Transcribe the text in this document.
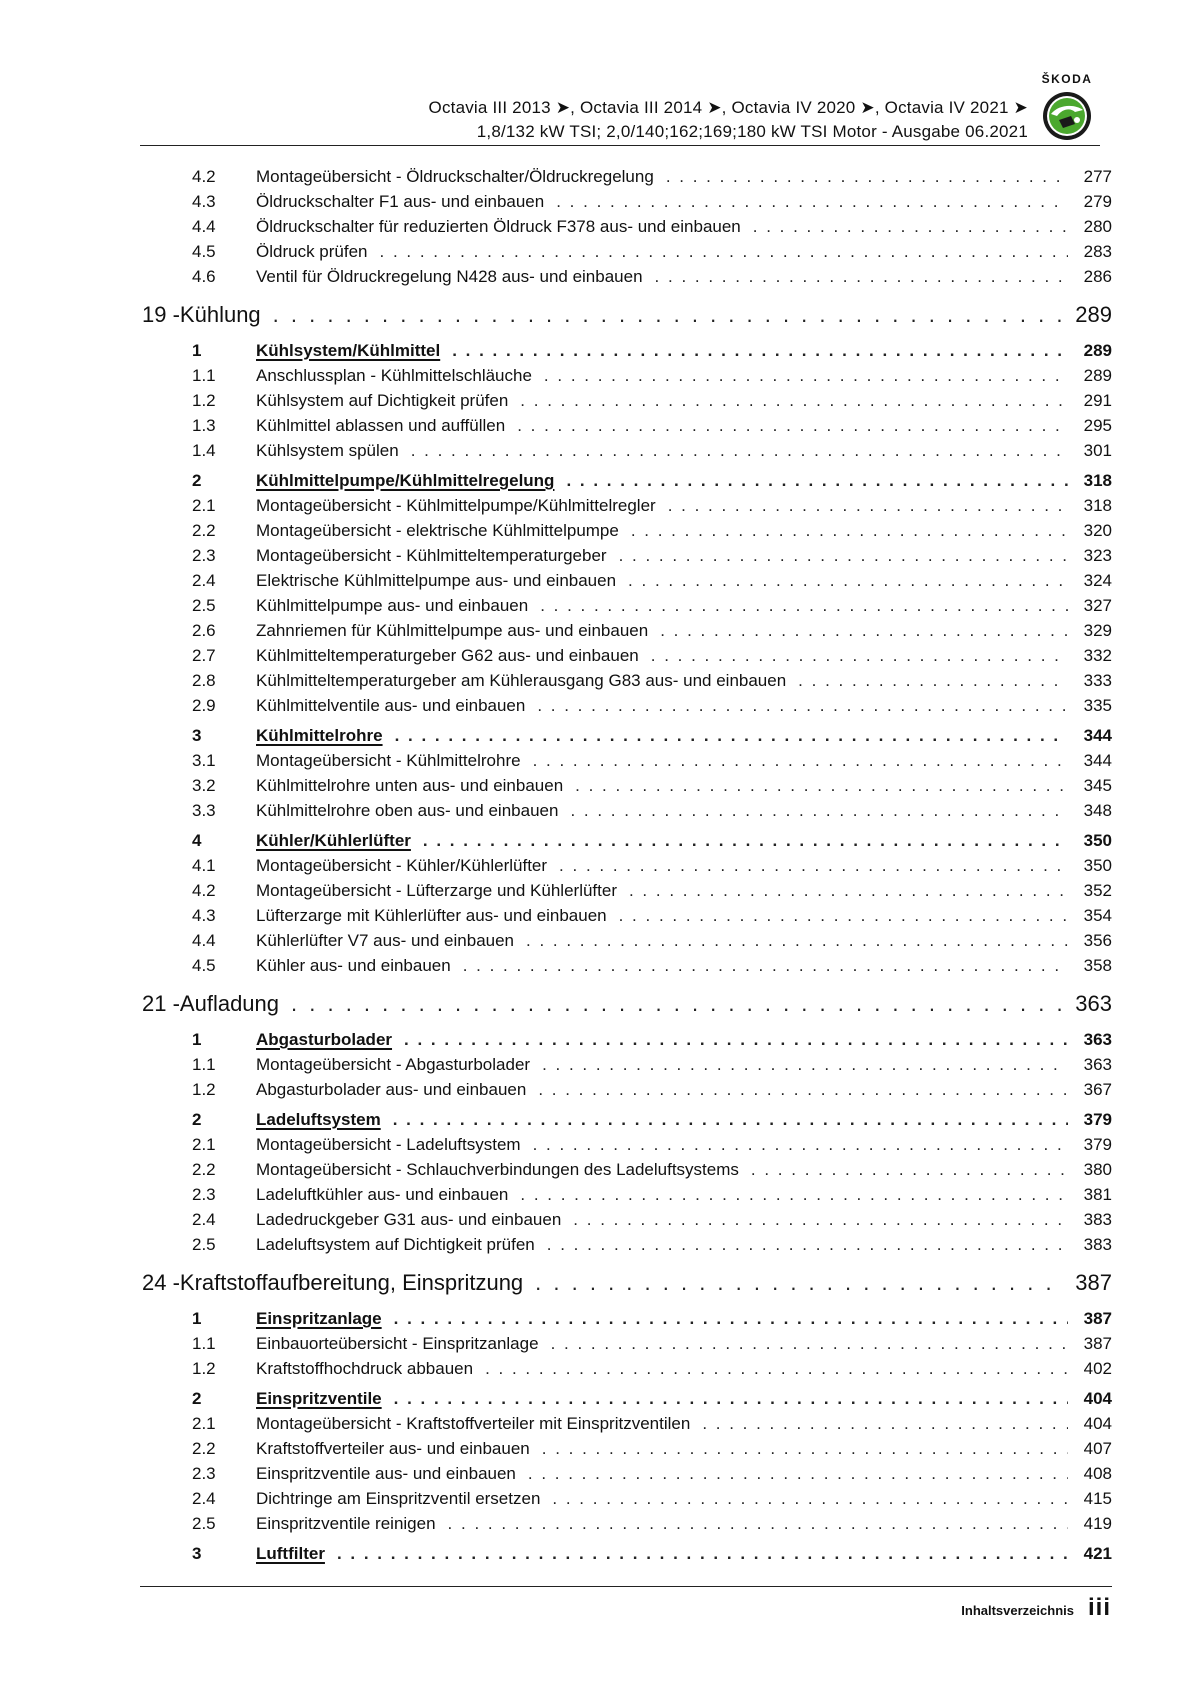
Octavia III 2013 ➤, Octavia III 2014 ➤, Octavia IV 2020 ➤, Octavia IV 2021 ➤
1,8/132 kW TSI; 2,0/140;162;169;180 kW TSI Motor - Ausgabe 06.2021
ŠKODA
4.2	Montageübersicht - Öldruckschalter/Öldruckregelung . . .	277
4.3	Öldruckschalter F1 aus- und einbauen . . .	279
4.4	Öldruckschalter für reduzierten Öldruck F378 aus- und einbauen . . .	280
4.5	Öldruck prüfen . . .	283
4.6	Ventil für Öldruckregelung N428 aus- und einbauen . . .	286
19 - Kühlung . . .	289
1	Kühlsystem/Kühlmittel . . .	289
1.1	Anschlussplan - Kühlmittelschläuche . . .	289
1.2	Kühlsystem auf Dichtigkeit prüfen . . .	291
1.3	Kühlmittel ablassen und auffüllen . . .	295
1.4	Kühlsystem spülen . . .	301
2	Kühlmittelpumpe/Kühlmittelregelung . . .	318
2.1	Montageübersicht - Kühlmittelpumpe/Kühlmittelregler . . .	318
2.2	Montageübersicht - elektrische Kühlmittelpumpe . . .	320
2.3	Montageübersicht - Kühlmitteltemperaturgeber . . .	323
2.4	Elektrische Kühlmittelpumpe aus- und einbauen . . .	324
2.5	Kühlmittelpumpe aus- und einbauen . . .	327
2.6	Zahnriemen für Kühlmittelpumpe aus- und einbauen . . .	329
2.7	Kühlmitteltemperaturgeber G62 aus- und einbauen . . .	332
2.8	Kühlmitteltemperaturgeber am Kühlerausgang G83 aus- und einbauen . . .	333
2.9	Kühlmittelventile aus- und einbauen . . .	335
3	Kühlmittelrohre . . .	344
3.1	Montageübersicht - Kühlmittelrohre . . .	344
3.2	Kühlmittelrohre unten aus- und einbauen . . .	345
3.3	Kühlmittelrohre oben aus- und einbauen . . .	348
4	Kühler/Kühlerlüfter . . .	350
4.1	Montageübersicht - Kühler/Kühlerlüfter . . .	350
4.2	Montageübersicht - Lüfterzarge und Kühlerlüfter . . .	352
4.3	Lüfterzarge mit Kühlerlüfter aus- und einbauen . . .	354
4.4	Kühlerlüfter V7 aus- und einbauen . . .	356
4.5	Kühler aus- und einbauen . . .	358
21 - Aufladung . . .	363
1	Abgasturbolader . . .	363
1.1	Montageübersicht - Abgasturbolader . . .	363
1.2	Abgasturbolader aus- und einbauen . . .	367
2	Ladeluftsystem . . .	379
2.1	Montageübersicht - Ladeluftsystem . . .	379
2.2	Montageübersicht - Schlauchverbindungen des Ladeluftsystems . . .	380
2.3	Ladeluftkühler aus- und einbauen . . .	381
2.4	Ladedruckgeber G31 aus- und einbauen . . .	383
2.5	Ladeluftsystem auf Dichtigkeit prüfen . . .	383
24 - Kraftstoffaufbereitung, Einspritzung . . .	387
1	Einspritzanlage . . .	387
1.1	Einbauorteübersicht - Einspritzanlage . . .	387
1.2	Kraftstoffhochdruck abbauen . . .	402
2	Einspritzventile . . .	404
2.1	Montageübersicht - Kraftstoffverteiler mit Einspritzventilen . . .	404
2.2	Kraftstoffverteiler aus- und einbauen . . .	407
2.3	Einspritzventile aus- und einbauen . . .	408
2.4	Dichtringe am Einspritzventil ersetzen . . .	415
2.5	Einspritzventile reinigen . . .	419
3	Luftfilter . . .	421
Inhaltsverzeichnis iii
